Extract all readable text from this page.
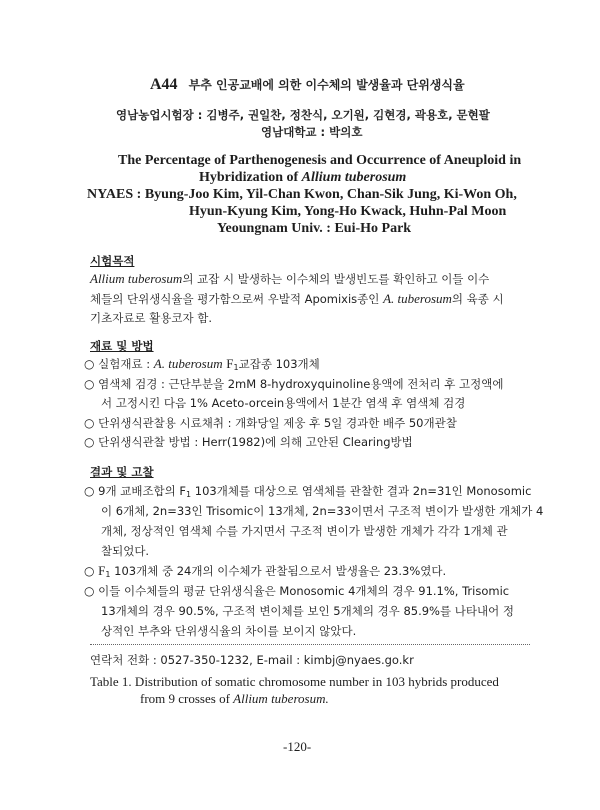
A44 부추 인공교배에 의한 이수체의 발생율과 단위생식율
영남농업시험장 : 김병주, 권일찬, 정찬식, 오기원, 김현경, 곽용호, 문현팔
영남대학교 : 박의호
The Percentage of Parthenogenesis and Occurrence of Aneuploid in
Hybridization of Allium tuberosum
NYAES : Byung-Joo Kim, Yil-Chan Kwon, Chan-Sik Jung, Ki-Won Oh,
Hyun-Kyung Kim, Yong-Ho Kwack, Huhn-Pal Moon
Yeoungnam Univ. : Eui-Ho Park
시험목적
Allium tuberosum의 교잡 시 발생하는 이수체의 발생빈도를 확인하고 이들 이수
체들의 단위생식율을 평가함으로써 우발적 Apomixis종인 A. tuberosum의 육종 시
기초자료로 활용코자 함.
재료 및 방법
○ 실험재료 : A. tuberosum $F_1$교잡종 103개체
○ 염색체 검경 : 근단부분을 2mM 8-hydroxyquinoline용액에 전처리 후 고정액에
서 고정시킨 다음 1% Aceto-orcein용액에서 1분간 염색 후 염색체 검경
○ 단위생식관찰용 시료채취 : 개화당일 제웅 후 5일 경과한 배주 50개관찰
○ 단위생식관찰 방법 : Herr(1982)에 의해 고안된 Clearing방법
결과 및 고찰
○ 9개 교배조합의 $F_1$ 103개체를 대상으로 염색체를 관찰한 결과 2n=31인 Monosomic
이 6개체, 2n=33인 Trisomic이 13개체, 2n=33이면서 구조적 변이가 발생한 개체가 4
개체, 정상적인 염색체 수를 가지면서 구조적 변이가 발생한 개체가 각각 1개체 관
찰되었다.
○ $F_1$ 103개체 중 24개의 이수체가 관찰됨으로서 발생율은 23.3%였다.
○ 이들 이수체들의 평균 단위생식율은 Monosomic 4개체의 경우 91.1%, Trisomic
13개체의 경우 90.5%, 구조적 변이체를 보인 5개체의 경우 85.9%를 나타내어 정
상적인 부추와 단위생식율의 차이를 보이지 않았다.
연락처 전화 : 0527-350-1232, E-mail : kimbj@nyaes.go.kr
Table 1. Distribution of somatic chromosome number in 103 hybrids produced
from 9 crosses of Allium tuberosum.
-120-
